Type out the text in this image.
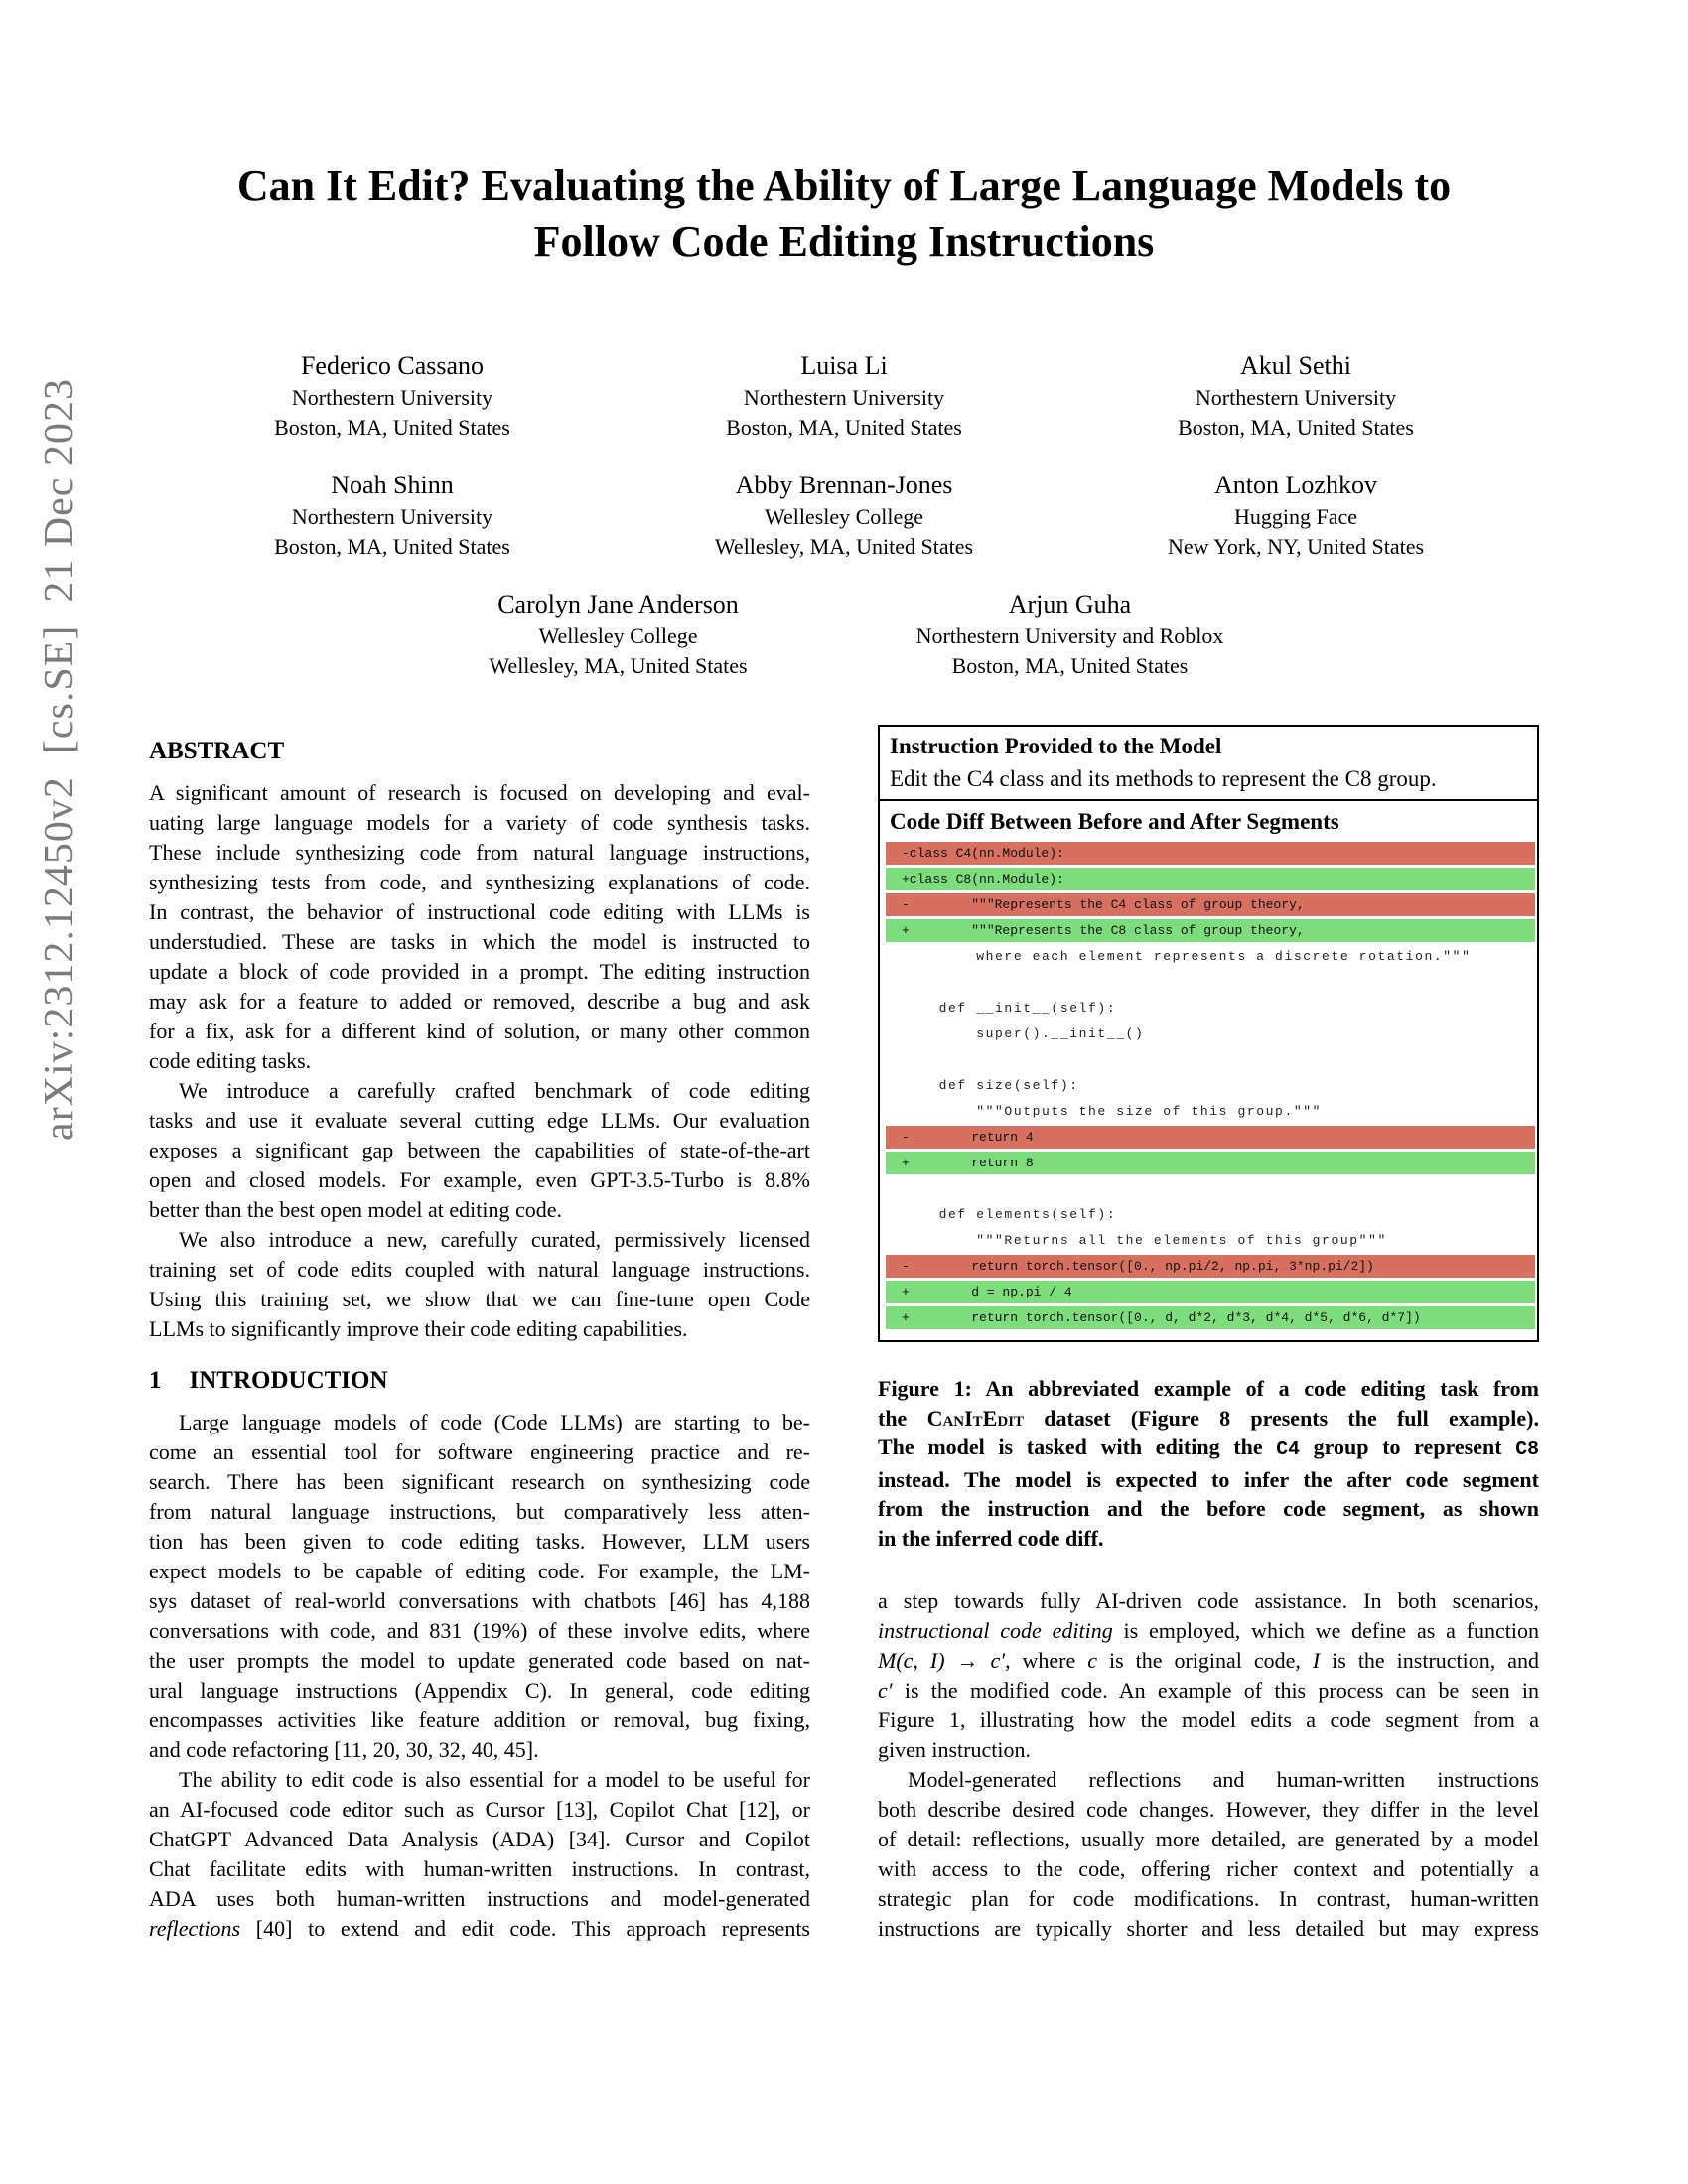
arXiv:2312.12450v2  [cs.SE]  21 Dec 2023
Can It Edit? Evaluating the Ability of Large Language Models to
Follow Code Editing Instructions
Federico Cassano
Northestern University
Boston, MA, United States
Luisa Li
Northestern University
Boston, MA, United States
Akul Sethi
Northestern University
Boston, MA, United States
Noah Shinn
Northestern University
Boston, MA, United States
Abby Brennan-Jones
Wellesley College
Wellesley, MA, United States
Anton Lozhkov
Hugging Face
New York, NY, United States
Carolyn Jane Anderson
Wellesley College
Wellesley, MA, United States
Arjun Guha
Northestern University and Roblox
Boston, MA, United States
ABSTRACT
A significant amount of research is focused on developing and eval-
uating large language models for a variety of code synthesis tasks.
These include synthesizing code from natural language instructions,
synthesizing tests from code, and synthesizing explanations of code.
In contrast, the behavior of instructional code editing with LLMs is
understudied. These are tasks in which the model is instructed to
update a block of code provided in a prompt. The editing instruction
may ask for a feature to added or removed, describe a bug and ask
for a fix, ask for a different kind of solution, or many other common
code editing tasks.
We introduce a carefully crafted benchmark of code editing
tasks and use it evaluate several cutting edge LLMs. Our evaluation
exposes a significant gap between the capabilities of state-of-the-art
open and closed models. For example, even GPT-3.5-Turbo is 8.8%
better than the best open model at editing code.
We also introduce a new, carefully curated, permissively licensed
training set of code edits coupled with natural language instructions.
Using this training set, we show that we can fine-tune open Code
LLMs to significantly improve their code editing capabilities.
1 INTRODUCTION
Large language models of code (Code LLMs) are starting to be-
come an essential tool for software engineering practice and re-
search. There has been significant research on synthesizing code
from natural language instructions, but comparatively less atten-
tion has been given to code editing tasks. However, LLM users
expect models to be capable of editing code. For example, the LM-
sys dataset of real-world conversations with chatbots [46] has 4,188
conversations with code, and 831 (19%) of these involve edits, where
the user prompts the model to update generated code based on nat-
ural language instructions (Appendix C). In general, code editing
encompasses activities like feature addition or removal, bug fixing,
and code refactoring [11, 20, 30, 32, 40, 45].
The ability to edit code is also essential for a model to be useful for
an AI-focused code editor such as Cursor [13], Copilot Chat [12], or
ChatGPT Advanced Data Analysis (ADA) [34]. Cursor and Copilot
Chat facilitate edits with human-written instructions. In contrast,
ADA uses both human-written instructions and model-generated
reflections [40] to extend and edit code. This approach represents
Instruction Provided to the Model
Edit the C4 class and its methods to represent the C8 group.
Code Diff Between Before and After Segments
-class C4(nn.Module):
+class C8(nn.Module):
-        """Represents the C4 class of group theory,
+        """Represents the C8 class of group theory,
where each element represents a discrete rotation."""
def __init__(self):
super().__init__()
def size(self):
"""Outputs the size of this group."""
-        return 4
+        return 8
def elements(self):
"""Returns all the elements of this group"""
-        return torch.tensor([0., np.pi/2, np.pi, 3*np.pi/2])
+        d = np.pi / 4
+        return torch.tensor([0., d, d*2, d*3, d*4, d*5, d*6, d*7])
Figure 1: An abbreviated example of a code editing task from
the CanItEdit dataset (Figure 8 presents the full example).
The model is tasked with editing the C4 group to represent C8
instead. The model is expected to infer the after code segment
from the instruction and the before code segment, as shown
in the inferred code diff.
a step towards fully AI-driven code assistance. In both scenarios,
instructional code editing is employed, which we define as a function
M(c, I) → c′, where c is the original code, I is the instruction, and
c′ is the modified code. An example of this process can be seen in
Figure 1, illustrating how the model edits a code segment from a
given instruction.
Model-generated reflections and human-written instructions
both describe desired code changes. However, they differ in the level
of detail: reflections, usually more detailed, are generated by a model
with access to the code, offering richer context and potentially a
strategic plan for code modifications. In contrast, human-written
instructions are typically shorter and less detailed but may express
